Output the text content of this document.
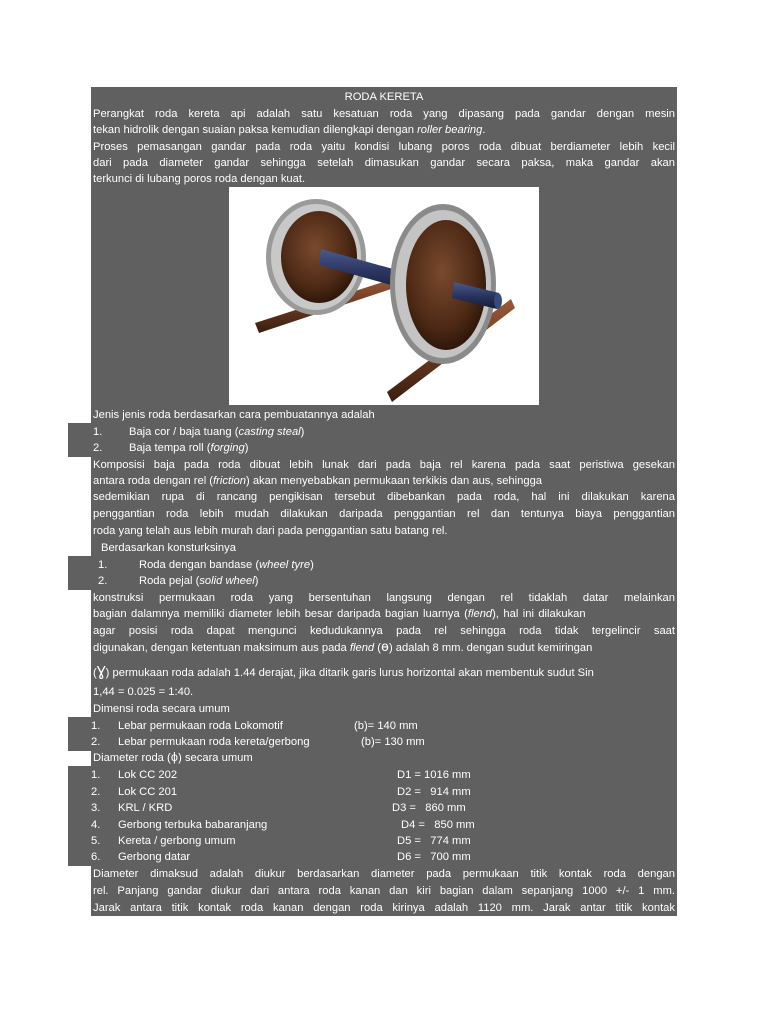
RODA KERETA
Perangkat roda kereta api adalah satu kesatuan roda yang dipasang pada gandar dengan mesin
tekan hidrolik dengan suaian paksa kemudian dilengkapi dengan roller bearing.
Proses pemasangan gandar pada roda yaitu kondisi lubang poros roda dibuat berdiameter lebih kecil
dari pada diameter gandar sehingga setelah dimasukan gandar secara paksa, maka gandar akan
terkunci di lubang poros roda dengan kuat.
Jenis jenis roda berdasarkan cara pembuatannya adalah
1. Baja cor / baja tuang (casting steal)
2. Baja tempa roll (forging)
Komposisi baja pada roda dibuat lebih lunak dari pada baja rel karena pada saat peristiwa gesekan
antara roda dengan rel ( friction) akan menyebabkan permukaan terkikis dan aus, sehingga
sedemikian rupa di rancang pengikisan tersebut dibebankan pada roda, hal ini dilakukan karena
penggantian roda lebih mudah dilakukan daripada penggantian rel dan tentunya biaya penggantian
roda yang telah aus lebih murah dari pada penggantian satu batang rel.
Berdasarkan konsturksinya
1.	Roda dengan bandase (wheel tyre)
2.	Roda pejal (solid wheel)
konstruksi permukaan roda yang bersentuhan langsung dengan rel tidaklah datar melainkan
bagian dalamnya memiliki diameter lebih besar daripada bagian luarnya (flend), hal ini dilakukan
agar posisi roda dapat mengunci kedudukannya pada rel sehingga roda tidak tergelincir saat
digunakan, dengan ketentuan maksimum aus pada flend (ɵ) adalah 8 mm. dengan sudut kemiringan
(Ɣ) permukaan roda adalah 1.44 derajat, jika ditarik garis lurus horizontal akan membentuk sudut Sin
1,44 = 0.025 = 1:40.
Dimensi roda secara umum
1. Lebar permukaan roda Lokomotif	(b)= 140 mm
2. Lebar permukaan roda kereta/gerbong	(b)= 130 mm
Diameter roda (ɸ) secara umum
1. Lok CC 202	D1 = 1016 mm
2. Lok CC 201	D2 =   914 mm
3. KRL / KRD	D3 =   860 mm
4. Gerbong terbuka babaranjang	D4 =   850 mm
5. Kereta / gerbong umum	D5 =   774 mm
6. Gerbong datar	D6 =   700 mm
Diameter dimaksud adalah diukur berdasarkan diameter pada permukaan titik kontak roda dengan
rel. Panjang gandar diukur dari antara roda kanan dan kiri bagian dalam sepanjang 1000 +/- 1 mm.
Jarak antara titik kontak roda kanan dengan roda kirinya adalah 1120 mm. Jarak antar titik kontak
